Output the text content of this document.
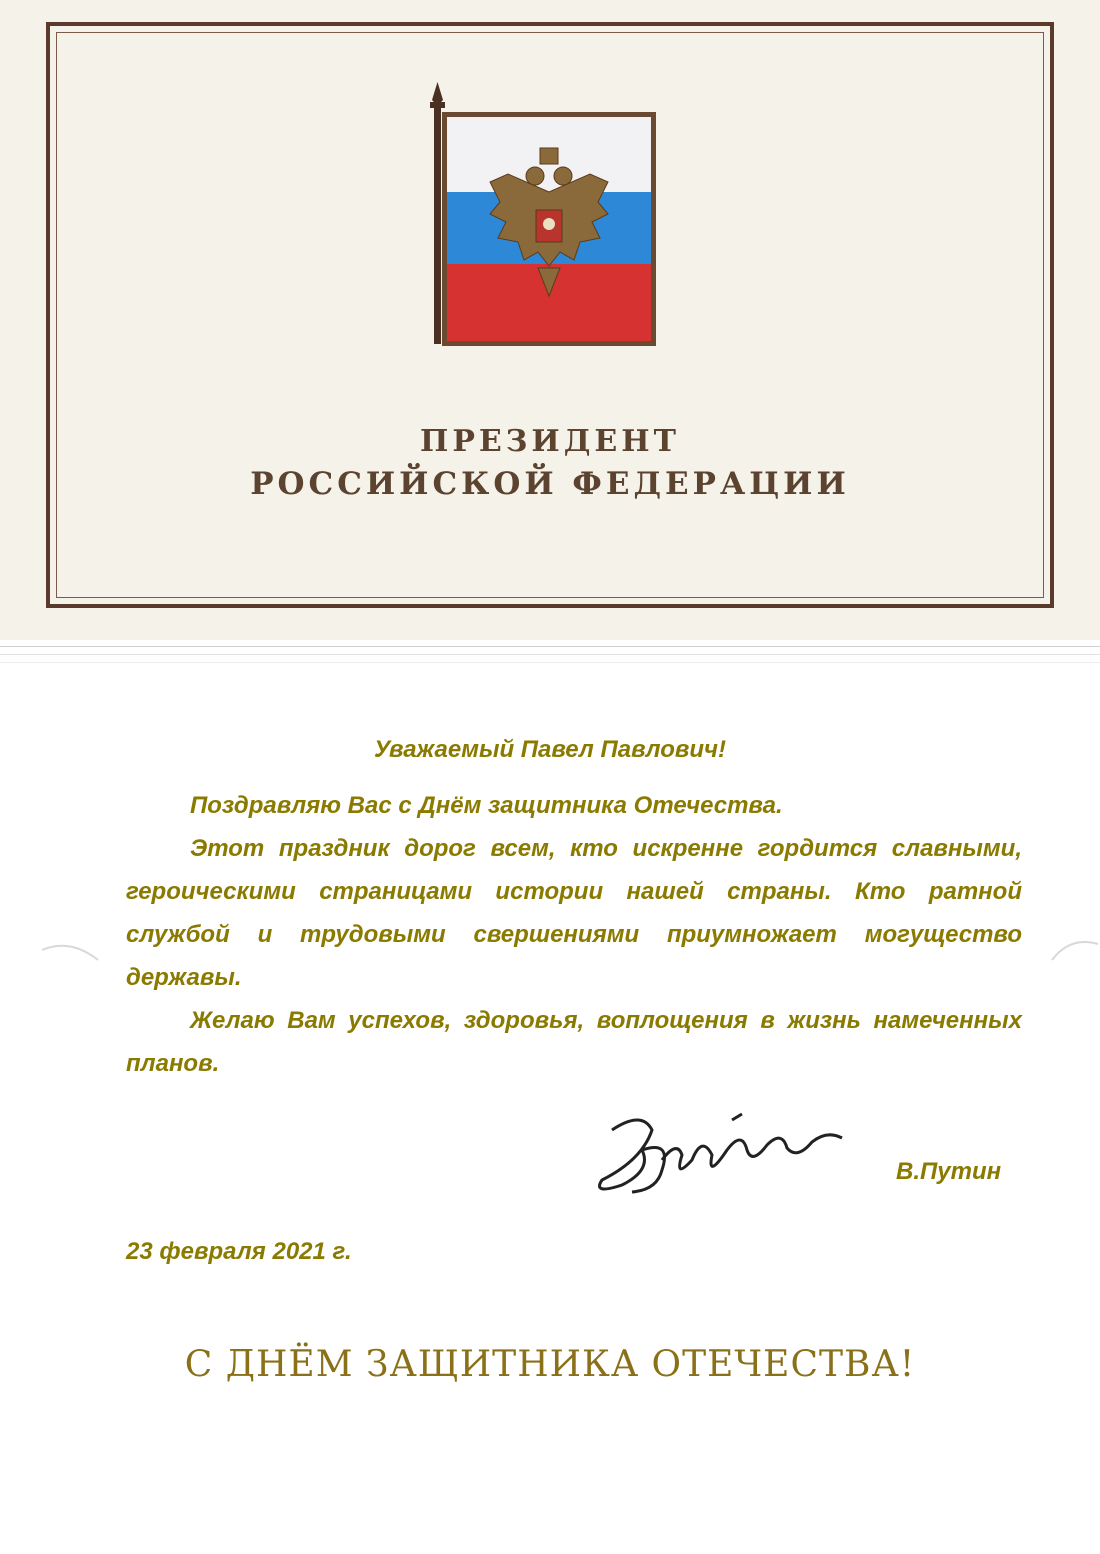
ПРЕЗИДЕНТ
РОССИЙСКОЙ ФЕДЕРАЦИИ
Уважаемый Павел Павлович!
Поздравляю Вас с Днём защитника Отечества.
Этот праздник дорог всем, кто искренне гордится славными, героическими страницами истории нашей страны. Кто ратной службой и трудовыми свершениями приумножает могущество державы.
Желаю Вам успехов, здоровья, воплощения в жизнь намеченных планов.
В.Путин
23 февраля 2021 г.
С ДНЁМ ЗАЩИТНИКА ОТЕЧЕСТВА!
